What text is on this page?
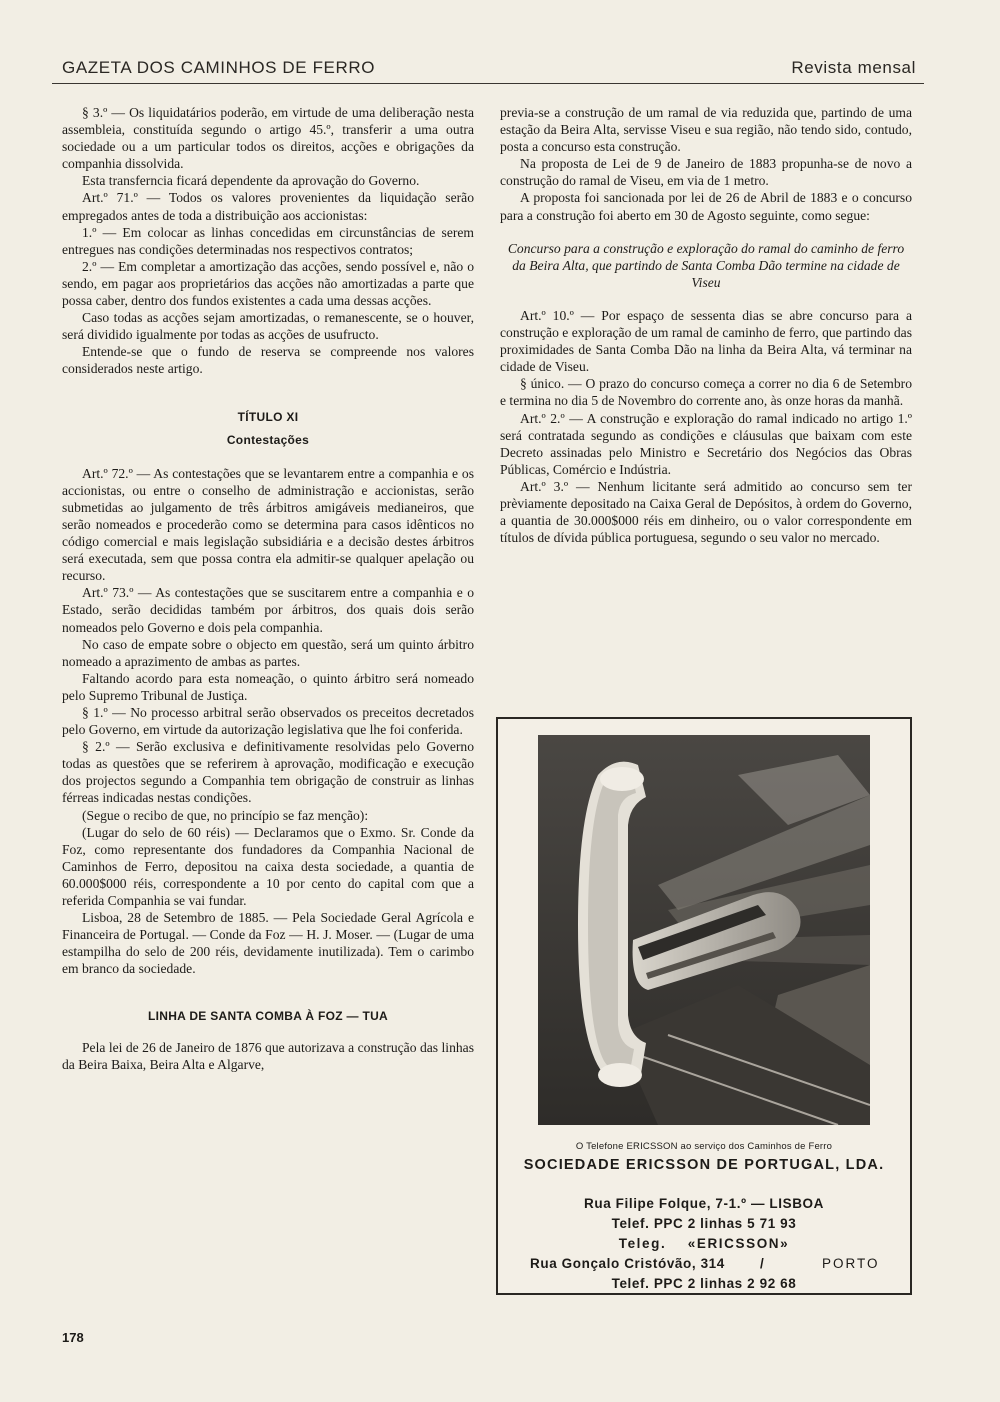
GAZETA DOS CAMINHOS DE FERRO	Revista mensal

§ 3.º — Os liquidatários poderão, em virtude de uma deliberação nesta assembleia, constituída segundo o artigo 45.º, transferir a uma outra sociedade ou a um particular todos os direitos, acções e obrigações da companhia dissolvida.

Esta transferncia ficará dependente da aprovação do Governo.

Art.º 71.º — Todos os valores provenientes da liquidação serão empregados antes de toda a distribuição aos accionistas:

1.º — Em colocar as linhas concedidas em circunstâncias de serem entregues nas condições determinadas nos respectivos contratos;

2.º — Em completar a amortização das acções, sendo possível e, não o sendo, em pagar aos proprietários das acções não amortizadas a parte que possa caber, dentro dos fundos existentes a cada uma dessas acções.

Caso todas as acções sejam amortizadas, o remanescente, se o houver, será dividido igualmente por todas as acções de usufructo.

Entende-se que o fundo de reserva se compreende nos valores considerados neste artigo.

TÍTULO XI

Contestações

Art.º 72.º — As contestações que se levantarem entre a companhia e os accionistas, ou entre o conselho de administração e accionistas, serão submetidas ao julgamento de três árbitros amigáveis medianeiros, que serão nomeados e procederão como se determina para casos idênticos no código comercial e mais legislação subsidiária e a decisão destes árbitros será executada, sem que possa contra ela admitir-se qualquer apelação ou recurso.

Art.º 73.º — As contestações que se suscitarem entre a companhia e o Estado, serão decididas também por árbitros, dos quais dois serão nomeados pelo Governo e dois pela companhia.

No caso de empate sobre o objecto em questão, será um quinto árbitro nomeado a aprazimento de ambas as partes.

Faltando acordo para esta nomeação, o quinto árbitro será nomeado pelo Supremo Tribunal de Justiça.

§ 1.º — No processo arbitral serão observados os preceitos decretados pelo Governo, em virtude da autorização legislativa que lhe foi conferida.

§ 2.º — Serão exclusiva e definitivamente resolvidas pelo Governo todas as questões que se referirem à aprovação, modificação e execução dos projectos segundo a Companhia tem obrigação de construir as linhas férreas indicadas nestas condições.

(Segue o recibo de que, no princípio se faz menção):

(Lugar do selo de 60 réis) — Declaramos que o Exmo. Sr. Conde da Foz, como representante dos fundadores da Companhia Nacional de Caminhos de Ferro, depositou na caixa desta sociedade, a quantia de 60.000$000 réis, correspondente a 10 por cento do capital com que a referida Companhia se vai fundar.

Lisboa, 28 de Setembro de 1885. — Pela Sociedade Geral Agrícola e Financeira de Portugal. — Conde da Foz — H. J. Moser. — (Lugar de uma estampilha do selo de 200 réis, devidamente inutilizada). Tem o carimbo em branco da sociedade.

LINHA DE SANTA COMBA À FOZ — TUA

Pela lei de 26 de Janeiro de 1876 que autorizava a construção das linhas da Beira Baixa, Beira Alta e Algarve,

previa-se a construção de um ramal de via reduzida que, partindo de uma estação da Beira Alta, servisse Viseu e sua região, não tendo sido, contudo, posta a concurso esta construção.

Na proposta de Lei de 9 de Janeiro de 1883 propunha-se de novo a construção do ramal de Viseu, em via de 1 metro.

A proposta foi sancionada por lei de 26 de Abril de 1883 e o concurso para a construção foi aberto em 30 de Agosto seguinte, como segue:

Concurso para a construção e exploração do ramal do caminho de ferro da Beira Alta, que partindo de Santa Comba Dão termine na cidade de Viseu

Art.º 10.º — Por espaço de sessenta dias se abre concurso para a construção e exploração de um ramal de caminho de ferro, que partindo das proximidades de Santa Comba Dão na linha da Beira Alta, vá terminar na cidade de Viseu.

§ único. — O prazo do concurso começa a correr no dia 6 de Setembro e termina no dia 5 de Novembro do corrente ano, às onze horas da manhã.

Art.º 2.º — A construção e exploração do ramal indicado no artigo 1.º será contratada segundo as condições e cláusulas que baixam com este Decreto assinadas pelo Ministro e Secretário dos Negócios das Obras Públicas, Comércio e Indústria.

Art.º 3.º — Nenhum licitante será admitido ao concurso sem ter prèviamente depositado na Caixa Geral de Depósitos, à ordem do Governo, a quantia de 30.000$000 réis em dinheiro, ou o valor correspondente em títulos de dívida pública portuguesa, segundo o seu valor no mercado.

O Telefone ERICSSON ao serviço dos Caminhos de Ferro
SOCIEDADE ERICSSON DE PORTUGAL, LDA.
Rua Filipe Folque, 7-1.º — LISBOA
Telef. PPC 2 linhas 5 71 93
Teleg.    «ERICSSON»
Rua Gonçalo Cristóvão, 314	/	PORTO
Telef. PPC 2 linhas 2 92 68
178
